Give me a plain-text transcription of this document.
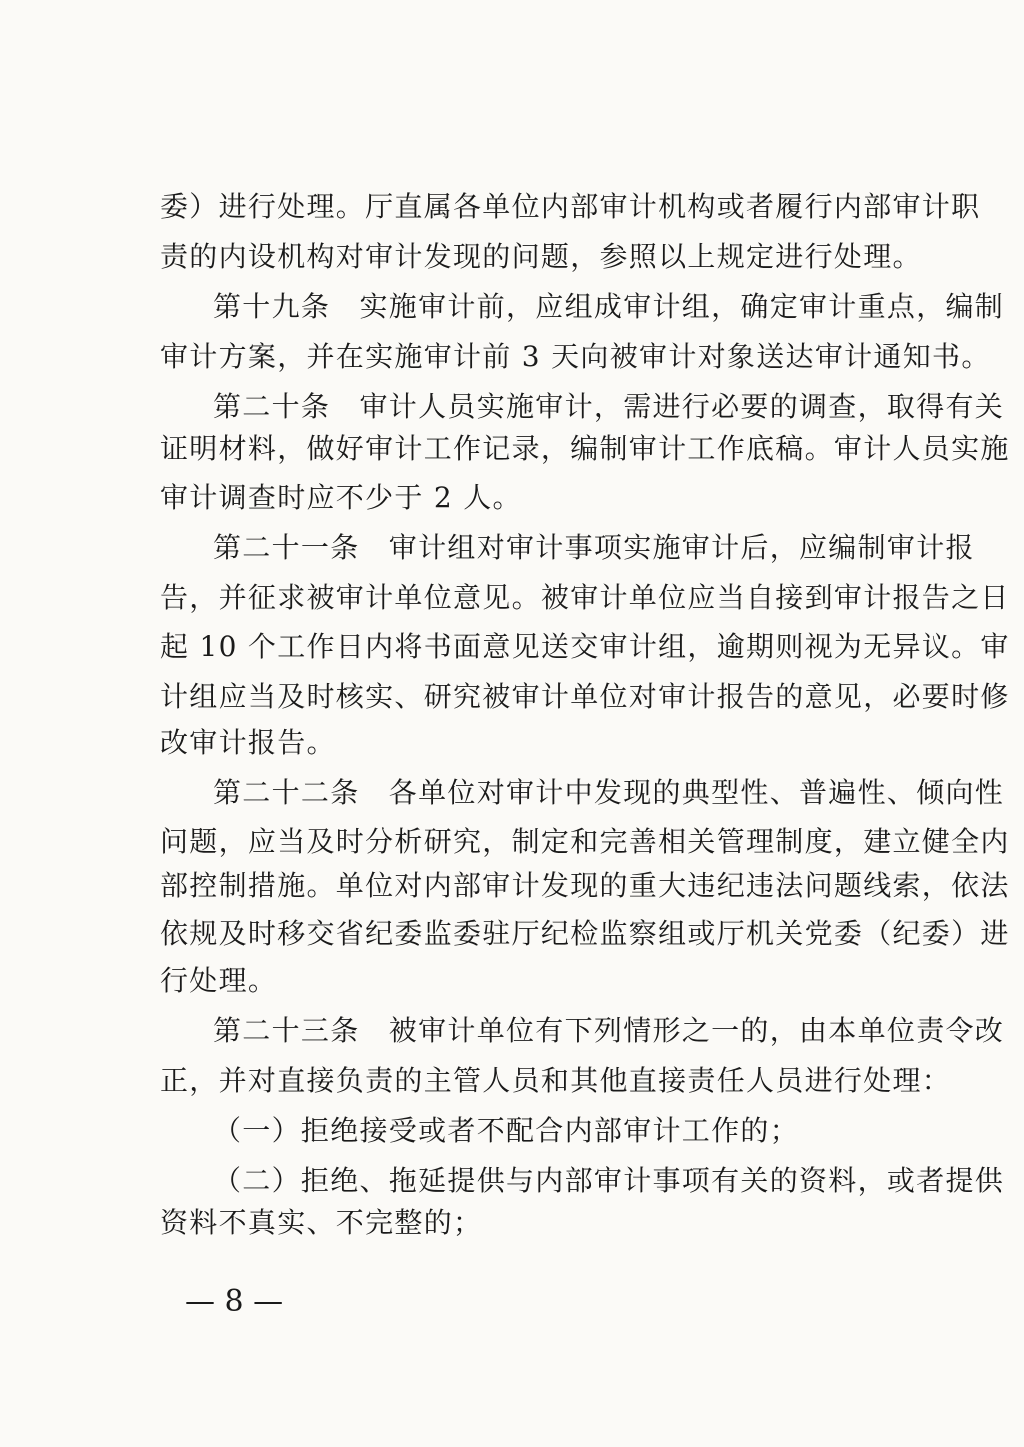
委）进行处理。厅直属各单位内部审计机构或者履行内部审计职
责的内设机构对审计发现的问题，参照以上规定进行处理。
第十九条　实施审计前，应组成审计组，确定审计重点，编制
审计方案，并在实施审计前 3 天向被审计对象送达审计通知书。
第二十条　审计人员实施审计，需进行必要的调查，取得有关
证明材料，做好审计工作记录，编制审计工作底稿。审计人员实施
审计调查时应不少于 2 人。
第二十一条　审计组对审计事项实施审计后，应编制审计报
告，并征求被审计单位意见。被审计单位应当自接到审计报告之日
起 10 个工作日内将书面意见送交审计组，逾期则视为无异议。审
计组应当及时核实、研究被审计单位对审计报告的意见，必要时修
改审计报告。
第二十二条　各单位对审计中发现的典型性、普遍性、倾向性
问题，应当及时分析研究，制定和完善相关管理制度，建立健全内
部控制措施。单位对内部审计发现的重大违纪违法问题线索，依法
依规及时移交省纪委监委驻厅纪检监察组或厅机关党委（纪委）进
行处理。
第二十三条　被审计单位有下列情形之一的，由本单位责令改
正，并对直接负责的主管人员和其他直接责任人员进行处理：
（一）拒绝接受或者不配合内部审计工作的；
（二）拒绝、拖延提供与内部审计事项有关的资料，或者提供
资料不真实、不完整的；
— 8 —
